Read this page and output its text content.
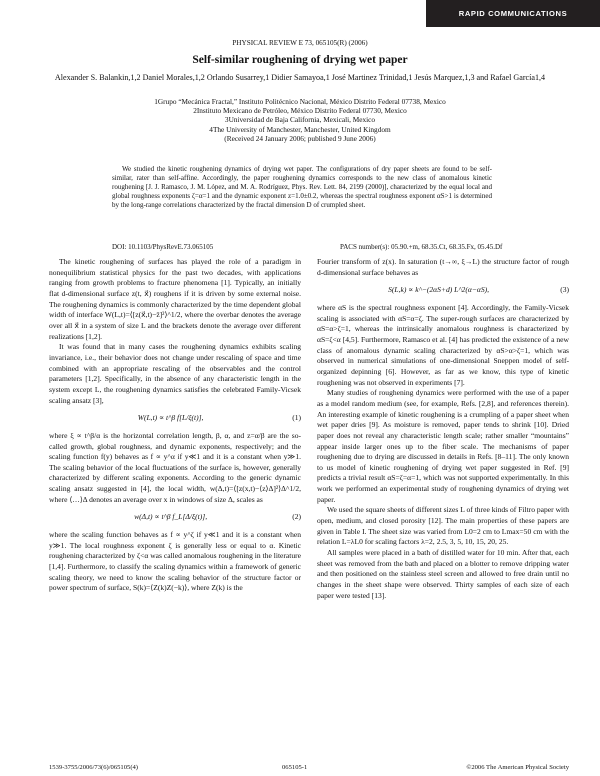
RAPID COMMUNICATIONS
PHYSICAL REVIEW E 73, 065105(R) (2006)
Self-similar roughening of drying wet paper
Alexander S. Balankin,1,2 Daniel Morales,1,2 Orlando Susarrey,1 Didier Samayoa,1 José Martinez Trinidad,1 Jesús Marquez,1,3 and Rafael García1,4
1Grupo “Mecánica Fractal,” Instituto Politécnico Nacional, México Distrito Federal 07738, Mexico
2Instituto Mexicano de Petróleo, México Distrito Federal 07730, Mexico
3Universidad de Baja California, Mexicali, Mexico
4The University of Manchester, Manchester, United Kingdom
(Received 24 January 2006; published 9 June 2006)
We studied the kinetic roughening dynamics of drying wet paper. The configurations of dry paper sheets are found to be self-similar, rater than self-affine. Accordingly, the paper roughening dynamics corresponds to the new class of anomalous kinetic roughening [J. J. Ramasco, J. M. López, and M. A. Rodríguez, Phys. Rev. Lett. 84, 2199 (2000)], characterized by the equal local and global roughness exponents ζ=α=1 and the dynamic exponent z=1.0±0.2, whereas the spectral roughness exponent αS>1 is determined by the long-range correlations characterized by the fractal dimension D of crumpled sheet.
DOI: 10.1103/PhysRevE.73.065105	PACS number(s): 05.90.+m, 68.35.Ct, 68.35.Fx, 05.45.Df

The kinetic roughening of surfaces has played the role of a paradigm in nonequilibrium statistical physics for the past two decades, with applications ranging from growth problems to fracture phenomena [1]. Typically, an initially flat d-dimensional surface z(t, x⃗) roughens if it is driven by some external noise. The roughening dynamics is commonly characterized by the time dependent global width of interface W(L,t)=⟨[z(x⃗,t)−z̄]²⟩^1/2, where the overbar denotes the average over all x⃗ in a system of size L and the brackets denote the average over different realizations [1,2].

It was found that in many cases the roughening dynamics exhibits scaling invariance, i.e., their behavior does not change under rescaling of space and time combined with an appropriate rescaling of the observables and the control parameters [1,2]. Specifically, in the absence of any characteristic length in the system except L, the roughening dynamics satisfies the celebrated Family-Vicsek scaling ansatz [3],

W(L,t) ∝ t^β f[L/ξ(t)],	(1)

where ξ ∝ t^β/α is the horizontal correlation length, β, α, and z=α/β are the so-called growth, global roughness, and dynamic exponents, respectively; and the scaling function f(y) behaves as f ∝ y^α if y≪1 and it is a constant when y≫1. The scaling behavior of the local fluctuations of the surface is, however, generally characterized by different scaling exponents. According to the generic dynamic scaling ansatz suggested in [4], the local width, w(Δ,t)=⟨[z(x,t)−⟨z⟩Δ]²⟩Δ^1/2, where ⟨…⟩Δ denotes an average over x in windows of size Δ, scales as

w(Δ,t) ∝ t^β f_L[Δ/ξ(t)],	(2)

where the scaling function behaves as f ∝ y^ζ if y≪1 and it is a constant when y≫1. The local roughness exponent ζ is generally less or equal to α. Kinetic roughening characterized by ζ<α was called anomalous roughening in the literature [1,4]. Furthermore, to classify the scaling dynamics within a framework of generic scaling theory, we need to know the scaling behavior of the structure factor or power spectrum of surface, S(k)=⟨Z(k)Z(−k)⟩, where Z(k) is the

Fourier transform of z(x). In saturation (t→∞, ξ→L) the structure factor of rough d-dimensional surface behaves as

S(L,k) ∝ k^−(2αS+d) L^2(α−αS),	(3)

where αS is the spectral roughness exponent [4]. Accordingly, the Family-Vicsek scaling is associated with αS=α=ζ. The super-rough surfaces are characterized by αS=α>ζ=1, whereas the intrinsically anomalous roughness is characterized by αS=ζ<α [4,5]. Furthermore, Ramasco et al. [4] has predicted the existence of a new class of anomalous dynamic scaling characterized by αS>α>ζ=1, which was observed in numerical simulations of one-dimensional Sneppen model of self-organized depinning [6]. However, as far as we know, this type of kinetic roughening was not observed in experiments [7].

Many studies of roughening dynamics were performed with the use of a paper as a model random medium (see, for example, Refs. [2,8], and references therein). An interesting example of kinetic roughening is a crumpling of a paper sheet when wet paper dries [9]. As moisture is removed, paper tends to shrink [10]. Dried paper does not reveal any characteristic length scale; rather smaller “mountains” appear inside larger ones up to the fiber scale. The mechanisms of paper roughening due to drying are discussed in details in Refs. [8–11]. The only known to us model of kinetic roughening of drying wet paper suggested in Ref. [9] predicts a trivial result αS=ζ=α=1, which was not supported experimentally. In this work we performed an experimental study of roughening dynamics of drying wet paper.

We used the square sheets of different sizes L of three kinds of Filtro paper with open, medium, and closed porosity [12]. The main properties of these papers are given in Table I. The sheet size was varied from L0=2 cm to Lmax=50 cm with the relation L=λL0 for scaling factors λ=2, 2.5, 3, 5, 10, 15, 20, 25.

All samples were placed in a bath of distilled water for 10 min. After that, each sheet was removed from the bath and placed on a blotter to remove dripping water and then positioned on the stainless steel screen and allowed to free drain until no changes in the sheet shape were observed. Thirty samples of each size of each paper were tested [13].

1539-3755/2006/73(6)/065105(4)	065105-1	©2006 The American Physical Society
